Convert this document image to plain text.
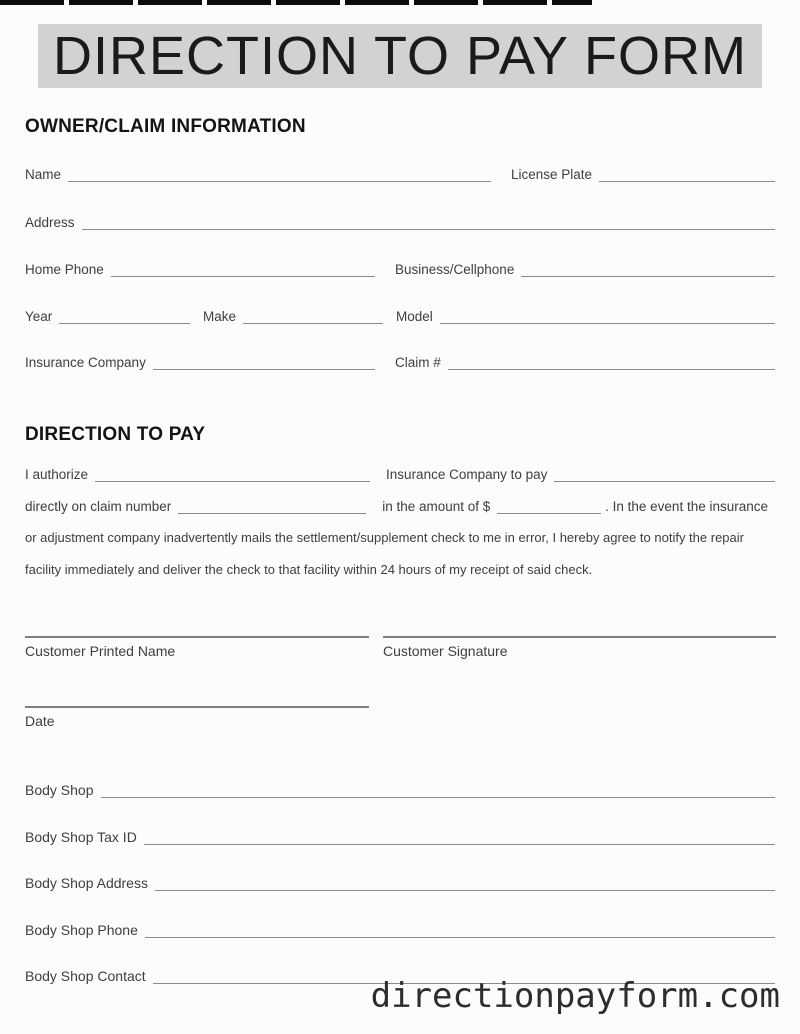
DIRECTION TO PAY FORM
OWNER/CLAIM INFORMATION
Name	License Plate
Address
Home Phone	Business/Cellphone
Year	Make	Model
Insurance Company	Claim #
DIRECTION TO PAY
I authorize	Insurance Company to pay
directly on claim number	in the amount of $	. In the event the insurance
or adjustment company inadvertently mails the settlement/supplement check to me in error, I hereby agree to notify the repair
facility immediately and deliver the check to that facility within 24 hours of my receipt of said check.
Customer Printed Name	Customer Signature
Date
Body Shop
Body Shop Tax ID
Body Shop Address
Body Shop Phone
Body Shop Contact	directionpayform.com
